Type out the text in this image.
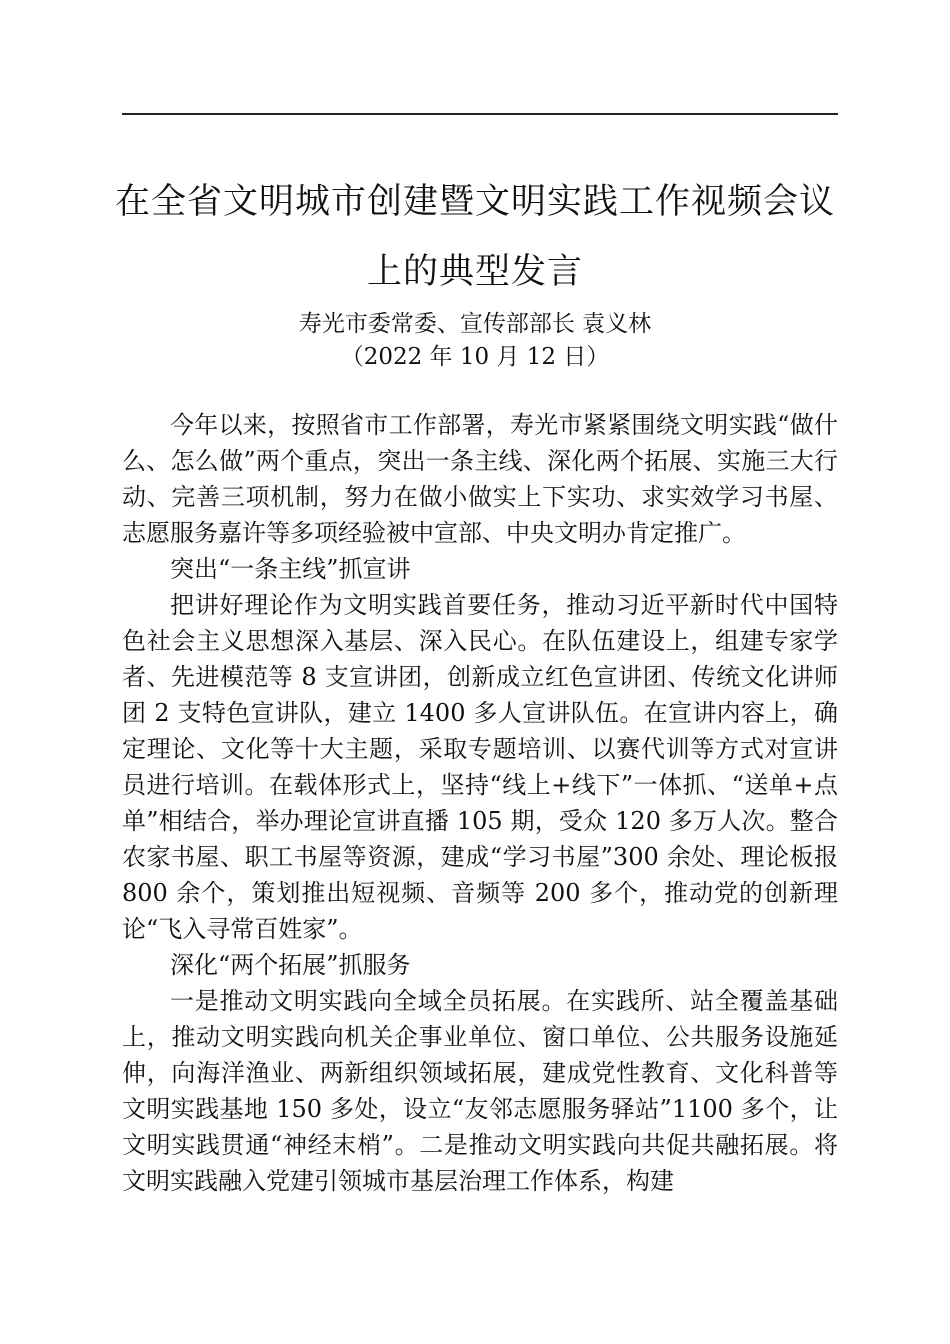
在全省文明城市创建暨文明实践工作视频会议
上的典型发言
寿光市委常委、宣传部部长 袁义林
（2022 年 10 月 12 日）

今年以来，按照省市工作部署，寿光市紧紧围绕文明实践“做什么、怎么做”两个重点，突出一条主线、深化两个拓展、实施三大行动、完善三项机制，努力在做小做实上下实功、求实效学习书屋、志愿服务嘉许等多项经验被中宣部、中央文明办肯定推广。

突出“一条主线”抓宣讲

把讲好理论作为文明实践首要任务，推动习近平新时代中国特色社会主义思想深入基层、深入民心。在队伍建设上，组建专家学者、先进模范等 8 支宣讲团，创新成立红色宣讲团、传统文化讲师团 2 支特色宣讲队，建立 1400 多人宣讲队伍。在宣讲内容上，确定理论、文化等十大主题，采取专题培训、以赛代训等方式对宣讲员进行培训。在载体形式上，坚持“线上+线下”一体抓、“送单+点单”相结合，举办理论宣讲直播 105 期，受众 120 多万人次。整合农家书屋、职工书屋等资源，建成“学习书屋”300 余处、理论板报 800 余个，策划推出短视频、音频等 200 多个，推动党的创新理论“飞入寻常百姓家”。

深化“两个拓展”抓服务

一是推动文明实践向全域全员拓展。在实践所、站全覆盖基础上，推动文明实践向机关企事业单位、窗口单位、公共服务设施延伸，向海洋渔业、两新组织领域拓展，建成党性教育、文化科普等文明实践基地 150 多处，设立“友邻志愿服务驿站”1100 多个，让文明实践贯通“神经末梢”。二是推动文明实践向共促共融拓展。将文明实践融入党建引领城市基层治理工作体系，构建
